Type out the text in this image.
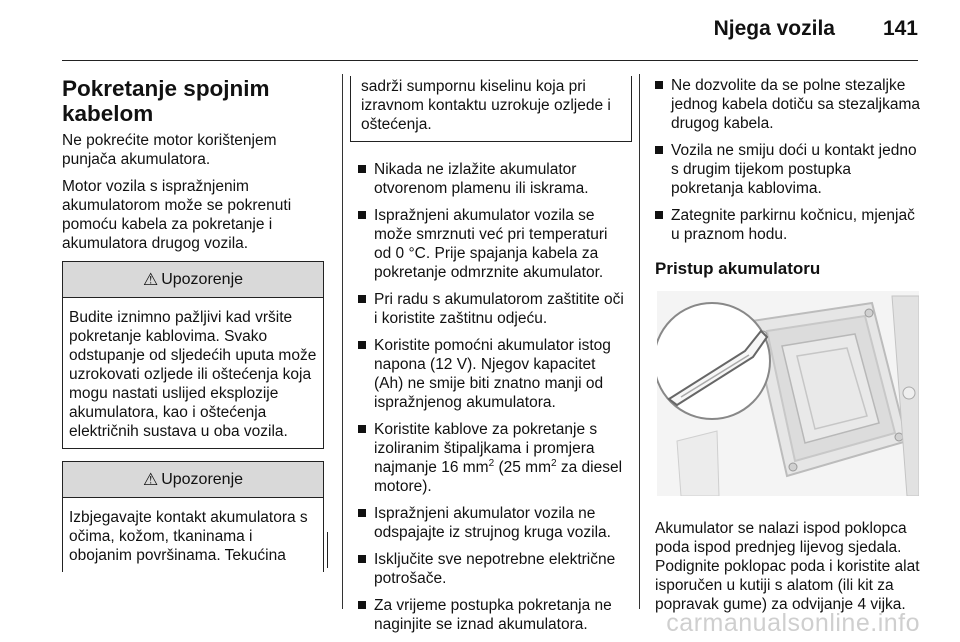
Njega vozila 141
Pokretanje spojnim kabelom

Ne pokrećite motor korištenjem punjača akumulatora.

Motor vozila s ispražnjenim akumulatorom može se pokrenuti pomoću kabela za pokretanje i akumulatora drugog vozila.

⚠ Upozorenje
Budite iznimno pažljivi kad vršite pokretanje kablovima. Svako odstupanje od sljedećih uputa može uzrokovati ozljede ili oštećenja koja mogu nastati uslijed eksplozije akumulatora, kao i oštećenja električnih sustava u oba vozila.
⚠ Upozorenje
Izbjegavajte kontakt akumulatora s očima, kožom, tkaninama i obojanim površinama. Tekućina
sadrži sumpornu kiselinu koja pri izravnom kontaktu uzrokuje ozljede i oštećenja.
Nikada ne izlažite akumulator otvorenom plamenu ili iskrama.
Ispražnjeni akumulator vozila se može smrznuti već pri temperaturi od 0 °C. Prije spajanja kabela za pokretanje odmrznite akumulator.
Pri radu s akumulatorom zaštitite oči i koristite zaštitnu odjeću.
Koristite pomoćni akumulator istog napona (12 V). Njegov kapacitet (Ah) ne smije biti znatno manji od ispražnjenog akumulatora.
Koristite kablove za pokretanje s izoliranim štipaljkama i promjera najmanje 16 $mm^2$ (25 $mm^2$ za diesel motore).
Ispražnjeni akumulator vozila ne odspajajte iz strujnog kruga vozila.
Isključite sve nepotrebne električne potrošače.
Za vrijeme postupka pokretanja ne naginjite se iznad akumulatora.
Ne dozvolite da se polne stezaljke jednog kabela dotiču sa stezaljkama drugog kabela.
Vozila ne smiju doći u kontakt jedno s drugim tijekom postupka pokretanja kablovima.
Zategnite parkirnu kočnicu, mjenjač u praznom hodu.
Pristup akumulatoru

Akumulator se nalazi ispod poklopca poda ispod prednjeg lijevog sjedala. Podignite poklopac poda i koristite alat isporučen u kutiji s alatom (ili kit za popravak gume) za odvijanje 4 vijka.

carmanualsonline.info
